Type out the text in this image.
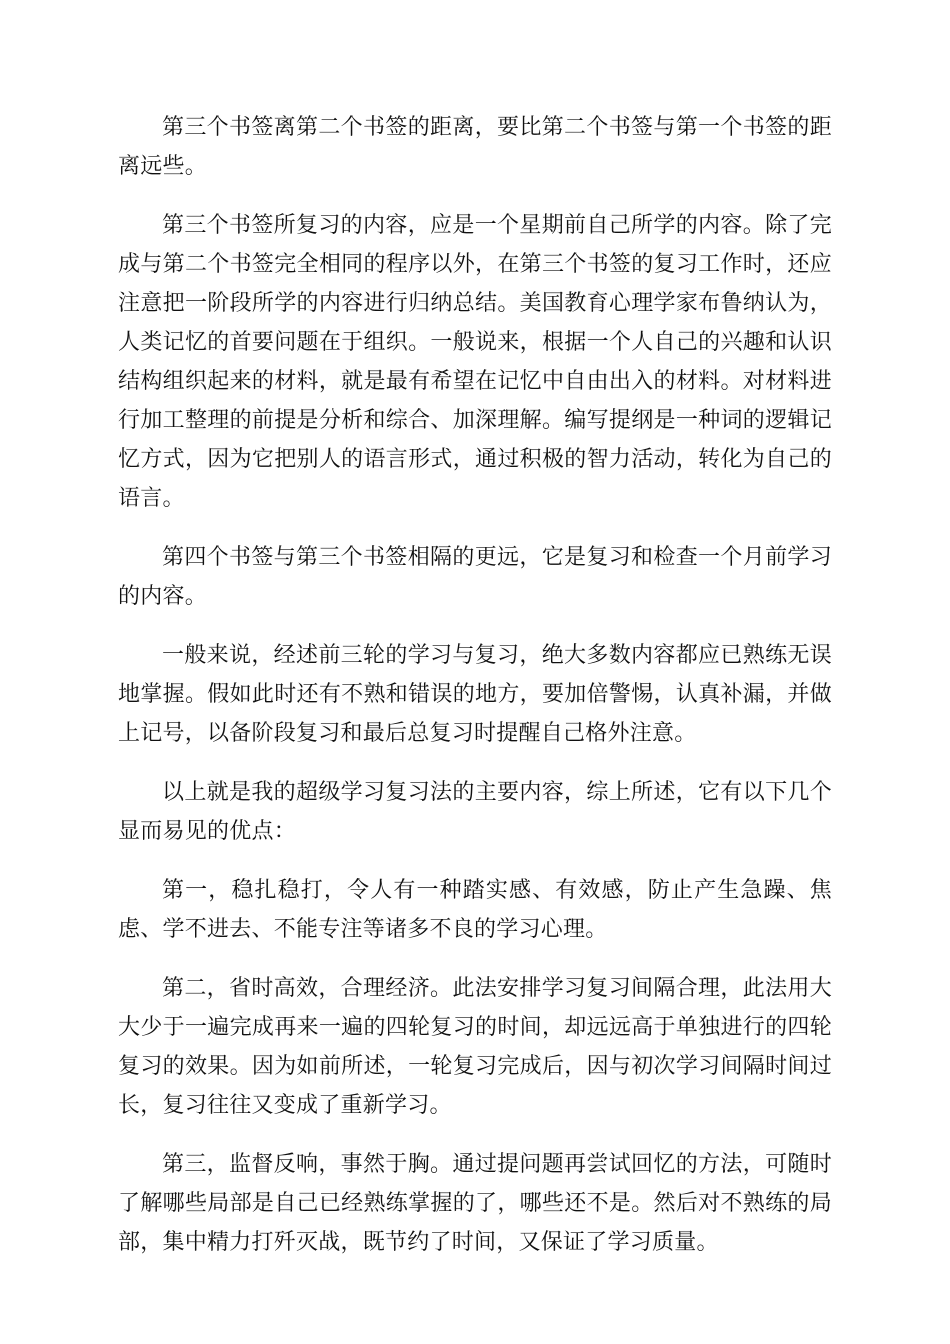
第三个书签离第二个书签的距离，要比第二个书签与第一个书签的距离远些。

第三个书签所复习的内容，应是一个星期前自己所学的内容。除了完成与第二个书签完全相同的程序以外，在第三个书签的复习工作时，还应注意把一阶段所学的内容进行归纳总结。美国教育心理学家布鲁纳认为，人类记忆的首要问题在于组织。一般说来，根据一个人自己的兴趣和认识结构组织起来的材料，就是最有希望在记忆中自由出入的材料。对材料进行加工整理的前提是分析和综合、加深理解。编写提纲是一种词的逻辑记忆方式，因为它把别人的语言形式，通过积极的智力活动，转化为自己的语言。

第四个书签与第三个书签相隔的更远，它是复习和检查一个月前学习的内容。

一般来说，经述前三轮的学习与复习，绝大多数内容都应已熟练无误地掌握。假如此时还有不熟和错误的地方，要加倍警惕，认真补漏，并做上记号，以备阶段复习和最后总复习时提醒自己格外注意。

以上就是我的超级学习复习法的主要内容，综上所述，它有以下几个显而易见的优点：

第一，稳扎稳打，令人有一种踏实感、有效感，防止产生急躁、焦虑、学不进去、不能专注等诸多不良的学习心理。

第二，省时高效，合理经济。此法安排学习复习间隔合理，此法用大大少于一遍完成再来一遍的四轮复习的时间，却远远高于单独进行的四轮复习的效果。因为如前所述，一轮复习完成后，因与初次学习间隔时间过长，复习往往又变成了重新学习。

第三，监督反响，事然于胸。通过提问题再尝试回忆的方法，可随时了解哪些局部是自己已经熟练掌握的了，哪些还不是。然后对不熟练的局部，集中精力打歼灭战，既节约了时间，又保证了学习质量。
